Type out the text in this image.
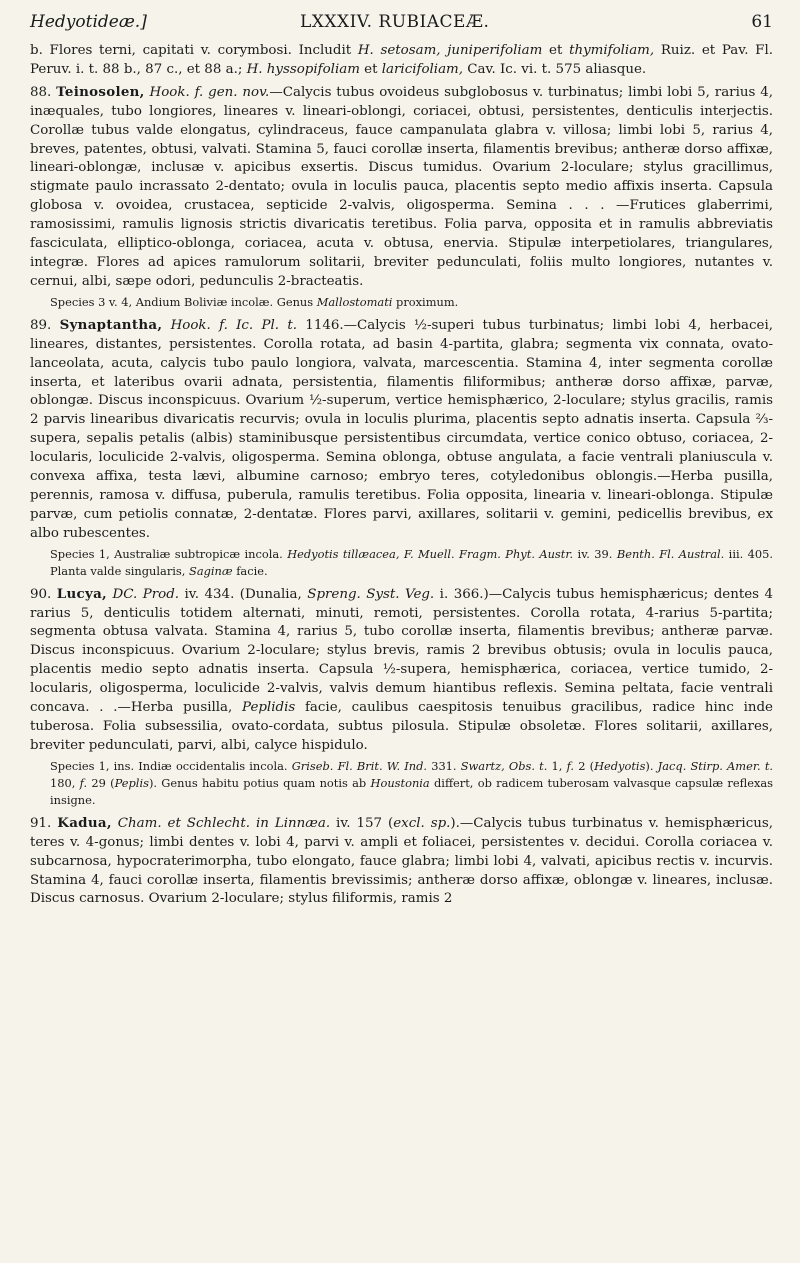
Hedyotideæ.]	LXXXIV. RUBIACEÆ.	61

b. Flores terni, capitati v. corymbosi. Includit H. setosam, juniperifoliam et thymifoliam, Ruiz. et Pav. Fl. Peruv. i. t. 88 b., 87 c., et 88 a.; H. hyssopifoliam et laricifoliam, Cav. Ic. vi. t. 575 aliasque.

88. Teinosolen, Hook. f. gen. nov.—Calycis tubus ovoideus subglobosus v. turbinatus; limbi lobi 5, rarius 4, inæquales, tubo longiores, lineares v. lineari-oblongi, coriacei, obtusi, persistentes, denticulis interjectis. Corollæ tubus valde elongatus, cylindraceus, fauce campanulata glabra v. villosa; limbi lobi 5, rarius 4, breves, patentes, obtusi, valvati. Stamina 5, fauci corollæ inserta, filamentis brevibus; antheræ dorso affixæ, lineari-oblongæ, inclusæ v. apicibus exsertis. Discus tumidus. Ovarium 2-loculare; stylus gracillimus, stigmate paulo incrassato 2-dentato; ovula in loculis pauca, placentis septo medio affixis inserta. Capsula globosa v. ovoidea, crustacea, septicide 2-valvis, oligosperma. Semina . . . —Frutices glaberrimi, ramosissimi, ramulis lignosis strictis divaricatis teretibus. Folia parva, opposita et in ramulis abbreviatis fasciculata, elliptico-oblonga, coriacea, acuta v. obtusa, enervia. Stipulæ interpetiolares, triangulares, integræ. Flores ad apices ramulorum solitarii, breviter pedunculati, foliis multo longiores, nutantes v. cernui, albi, sæpe odori, pedunculis 2-bracteatis.

Species 3 v. 4, Andium Boliviæ incolæ. Genus Mallostomati proximum.

89. Synaptantha, Hook. f. Ic. Pl. t. 1146.—Calycis ½-superi tubus turbinatus; limbi lobi 4, herbacei, lineares, distantes, persistentes. Corolla rotata, ad basin 4-partita, glabra; segmenta vix connata, ovato-lanceolata, acuta, calycis tubo paulo longiora, valvata, marcescentia. Stamina 4, inter segmenta corollæ inserta, et lateribus ovarii adnata, persistentia, filamentis filiformibus; antheræ dorso affixæ, parvæ, oblongæ. Discus inconspicuus. Ovarium ½-superum, vertice hemisphærico, 2-loculare; stylus gracilis, ramis 2 parvis linearibus divaricatis recurvis; ovula in loculis plurima, placentis septo adnatis inserta. Capsula ⅔-supera, sepalis petalis (albis) staminibusque persistentibus circumdata, vertice conico obtuso, coriacea, 2-locularis, loculicide 2-valvis, oligosperma. Semina oblonga, obtuse angulata, a facie ventrali planiuscula v. convexa affixa, testa lævi, albumine carnoso; embryo teres, cotyledonibus oblongis.—Herba pusilla, perennis, ramosa v. diffusa, puberula, ramulis teretibus. Folia opposita, linearia v. lineari-oblonga. Stipulæ parvæ, cum petiolis connatæ, 2-dentatæ. Flores parvi, axillares, solitarii v. gemini, pedicellis brevibus, ex albo rubescentes.

Species 1, Australiæ subtropicæ incola. Hedyotis tillæacea, F. Muell. Fragm. Phyt. Austr. iv. 39. Benth. Fl. Austral. iii. 405. Planta valde singularis, Saginæ facie.

90. Lucya, DC. Prod. iv. 434. (Dunalia, Spreng. Syst. Veg. i. 366.)—Calycis tubus hemisphæricus; dentes 4 rarius 5, denticulis totidem alternati, minuti, remoti, persistentes. Corolla rotata, 4-rarius 5-partita; segmenta obtusa valvata. Stamina 4, rarius 5, tubo corollæ inserta, filamentis brevibus; antheræ parvæ. Discus inconspicuus. Ovarium 2-loculare; stylus brevis, ramis 2 brevibus obtusis; ovula in loculis pauca, placentis medio septo adnatis inserta. Capsula ½-supera, hemisphærica, coriacea, vertice tumido, 2-locularis, oligosperma, loculicide 2-valvis, valvis demum hiantibus reflexis. Semina peltata, facie ventrali concava. . .—Herba pusilla, Peplidis facie, caulibus caespitosis tenuibus gracilibus, radice hinc inde tuberosa. Folia subsessilia, ovato-cordata, subtus pilosula. Stipulæ obsoletæ. Flores solitarii, axillares, breviter pedunculati, parvi, albi, calyce hispidulo.

Species 1, ins. Indiæ occidentalis incola. Griseb. Fl. Brit. W. Ind. 331. Swartz, Obs. t. 1, f. 2 (Hedyotis). Jacq. Stirp. Amer. t. 180, f. 29 (Peplis). Genus habitu potius quam notis ab Houstonia differt, ob radicem tuberosam valvasque capsulæ reflexas insigne.

91. Kadua, Cham. et Schlecht. in Linnæa. iv. 157 (excl. sp.).—Calycis tubus turbinatus v. hemisphæricus, teres v. 4-gonus; limbi dentes v. lobi 4, parvi v. ampli et foliacei, persistentes v. decidui. Corolla coriacea v. subcarnosa, hypocraterimorpha, tubo elongato, fauce glabra; limbi lobi 4, valvati, apicibus rectis v. incurvis. Stamina 4, fauci corollæ inserta, filamentis brevissimis; antheræ dorso affixæ, oblongæ v. lineares, inclusæ. Discus carnosus. Ovarium 2-loculare; stylus filiformis, ramis 2
